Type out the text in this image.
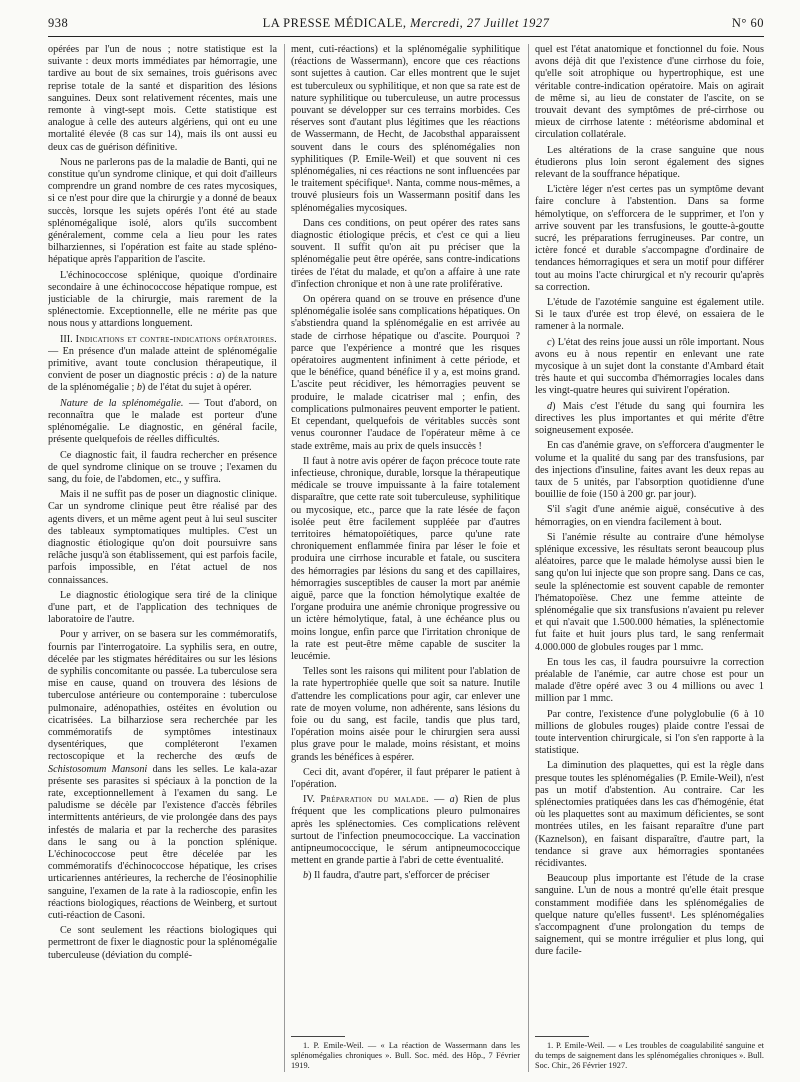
938	LA PRESSE MÉDICALE, Mercredi, 27 Juillet 1927	N° 60

opérées par l'un de nous ; notre statistique est la suivante : deux morts immédiates par hémorragie, une tardive au bout de six semaines, trois guérisons avec reprise totale de la santé et disparition des lésions sanguines. Deux sont relativement récentes, mais une remonte à vingt-sept mois. Cette statistique est analogue à celle des auteurs algériens, qui ont eu une mortalité élevée (8 cas sur 14), mais ils ont aussi eu deux cas de guérison définitive.

Nous ne parlerons pas de la maladie de Banti, qui ne constitue qu'un syndrome clinique, et qui doit d'ailleurs comprendre un grand nombre de ces rates mycosiques, si ce n'est pour dire que la chirurgie y a donné de beaux succès, lorsque les sujets opérés l'ont été au stade splénomégalique isolé, alors qu'ils succombent généralement, comme cela a lieu pour les rates bilharziennes, si l'opération est faite au stade spléno-hépatique après l'apparition de l'ascite.

L'échinococcose splénique, quoique d'ordinaire secondaire à une échinococcose hépatique rompue, est justiciable de la chirurgie, mais rarement de la splénectomie. Exceptionnelle, elle ne mérite pas que nous nous y attardions longuement.

III. Indications et contre-indications opératoires. — En présence d'un malade atteint de splénomégalie primitive, avant toute conclusion thérapeutique, il convient de poser un diagnostic précis : a) de la nature de la splénomégalie ; b) de l'état du sujet à opérer.

Nature de la splénomégalie. — Tout d'abord, on reconnaîtra que le malade est porteur d'une splénomégalie. Le diagnostic, en général facile, présente quelquefois de réelles difficultés.

Ce diagnostic fait, il faudra rechercher en présence de quel syndrome clinique on se trouve ; l'examen du sang, du foie, de l'abdomen, etc., y suffira.

Mais il ne suffit pas de poser un diagnostic clinique. Car un syndrome clinique peut être réalisé par des agents divers, et un même agent peut à lui seul susciter des tableaux symptomatiques multiples. C'est un diagnostic étiologique qu'on doit poursuivre sans relâche jusqu'à son établissement, qui est parfois facile, parfois impossible, en l'état actuel de nos connaissances.

Le diagnostic étiologique sera tiré de la clinique d'une part, et de l'application des techniques de laboratoire de l'autre.

Pour y arriver, on se basera sur les commémoratifs, fournis par l'interrogatoire. La syphilis sera, en outre, décelée par les stigmates héréditaires ou sur les lésions de syphilis concomitante ou passée. La tuberculose sera mise en cause, quand on trouvera des lésions de tuberculose antérieure ou contemporaine : tuberculose pulmonaire, adénopathies, ostéites en évolution ou cicatrisées. La bilharziose sera recherchée par les commémoratifs de symptômes intestinaux dysentériques, que compléteront l'examen rectoscopique et la recherche des œufs de Schistosomum Mansoni dans les selles. Le kala-azar présente ses parasites si spéciaux à la ponction de la rate, exceptionnellement à l'examen du sang. Le paludisme se décèle par l'existence d'accès fébriles intermittents antérieurs, de vie prolongée dans des pays infestés de malaria et par la recherche des parasites dans le sang ou à la ponction splénique. L'échinococcose peut être décelée par les commémoratifs d'échinococcose hépatique, les crises urticariennes antérieures, la recherche de l'éosinophilie sanguine, l'examen de la rate à la radioscopie, enfin les réactions biologiques, réactions de Weinberg, et surtout cuti-réaction de Casoni.

Ce sont seulement les réactions biologiques qui permettront de fixer le diagnostic pour la splénomégalie tuberculeuse (déviation du complé-

ment, cuti-réactions) et la splénomégalie syphilitique (réactions de Wassermann), encore que ces réactions sont sujettes à caution. Car elles montrent que le sujet est tuberculeux ou syphilitique, et non que sa rate est de nature syphilitique ou tuberculeuse, un autre processus pouvant se développer sur ces terrains morbides. Ces réserves sont d'autant plus légitimes que les réactions de Wassermann, de Hecht, de Jacobsthal apparaissent souvent dans le cours des splénomégalies non syphilitiques (P. Emile-Weil) et que souvent ni ces splénomégalies, ni ces réactions ne sont influencées par le traitement spécifique¹. Nanta, comme nous-mêmes, a trouvé plusieurs fois un Wassermann positif dans les splénomégalies mycosiques.

Dans ces conditions, on peut opérer des rates sans diagnostic étiologique précis, et c'est ce qui a lieu souvent. Il suffit qu'on ait pu préciser que la splénomégalie peut être opérée, sans contre-indications tirées de l'état du malade, et qu'on a affaire à une rate d'infection chronique et non à une rate proliférative.

On opérera quand on se trouve en présence d'une splénomégalie isolée sans complications hépatiques. On s'abstiendra quand la splénomégalie en est arrivée au stade de cirrhose hépatique ou d'ascite. Pourquoi ? parce que l'expérience a montré que les risques opératoires augmentent infiniment à cette période, et que le bénéfice, quand bénéfice il y a, est moins grand. L'ascite peut récidiver, les hémorragies peuvent se produire, le malade cicatriser mal ; enfin, des complications pulmonaires peuvent emporter le patient. Et cependant, quelquefois de véritables succès sont venus couronner l'audace de l'opérateur même à ce stade extrême, mais au prix de quels insuccès !

Il faut à notre avis opérer de façon précoce toute rate infectieuse, chronique, durable, lorsque la thérapeutique médicale se trouve impuissante à la faire totalement disparaître, que cette rate soit tuberculeuse, syphilitique ou mycosique, etc., parce que la rate lésée de façon isolée peut être facilement suppléée par d'autres territoires hématopoïétiques, parce qu'une rate chroniquement enflammée finira par léser le foie et produira une cirrhose incurable et fatale, ou suscitera des hémorragies par lésions du sang et des capillaires, hémorragies susceptibles de causer la mort par anémie aiguë, parce que la fonction hémolytique exaltée de l'organe produira une anémie chronique progressive ou un ictère hémolytique, fatal, à une échéance plus ou moins longue, enfin parce que l'irritation chronique de la rate est peut-être même capable de susciter la leucémie.

Telles sont les raisons qui militent pour l'ablation de la rate hypertrophiée quelle que soit sa nature. Inutile d'attendre les complications pour agir, car enlever une rate de moyen volume, non adhérente, sans lésions du foie ou du sang, est facile, tandis que plus tard, l'opération moins aisée pour le chirurgien sera aussi plus grave pour le malade, moins résistant, et moins grands les bénéfices à espérer.

Ceci dit, avant d'opérer, il faut préparer le patient à l'opération.

IV. Préparation du malade. — a) Rien de plus fréquent que les complications pleuro pulmonaires après les splénectomies. Ces complications relèvent surtout de l'infection pneumococcique. La vaccination antipneumococcique, le sérum antipneumococcique mettent en grande partie à l'abri de cette éventualité.

b) Il faudra, d'autre part, s'efforcer de préciser

1. P. Emile-Weil. — « La réaction de Wassermann dans les splénomégalies chroniques ». Bull. Soc. méd. des Hôp., 7 Février 1919.

quel est l'état anatomique et fonctionnel du foie. Nous avons déjà dit que l'existence d'une cirrhose du foie, qu'elle soit atrophique ou hypertrophique, est une véritable contre-indication opératoire. Mais on agirait de même si, au lieu de constater de l'ascite, on se trouvait devant des symptômes de pré-cirrhose ou mieux de cirrhose latente : météorisme abdominal et circulation collatérale.

Les altérations de la crase sanguine que nous étudierons plus loin seront également des signes relevant de la souffrance hépatique.

L'ictère léger n'est certes pas un symptôme devant faire conclure à l'abstention. Dans sa forme hémolytique, on s'efforcera de le supprimer, et l'on y arrive souvent par les transfusions, le goutte-à-goutte sucré, les préparations ferrugineuses. Par contre, un ictère foncé et durable s'accompagne d'ordinaire de tendances hémorragiques et sera un motif pour différer tout au moins l'acte chirurgical et n'y recourir qu'après sa correction.

L'étude de l'azotémie sanguine est également utile. Si le taux d'urée est trop élevé, on essaiera de le ramener à la normale.

c) L'état des reins joue aussi un rôle important. Nous avons eu à nous repentir en enlevant une rate mycosique à un sujet dont la constante d'Ambard était très haute et qui succomba d'hémorragies locales dans les vingt-quatre heures qui suivirent l'opération.

d) Mais c'est l'étude du sang qui fournira les directives les plus importantes et qui mérite d'être soigneusement exposée.

En cas d'anémie grave, on s'efforcera d'augmenter le volume et la qualité du sang par des transfusions, par des injections d'insuline, faites avant les deux repas au taux de 5 unités, par l'absorption quotidienne d'une bouillie de foie (150 à 200 gr. par jour).

S'il s'agit d'une anémie aiguë, consécutive à des hémorragies, on en viendra facilement à bout.

Si l'anémie résulte au contraire d'une hémolyse splénique excessive, les résultats seront beaucoup plus aléatoires, parce que le malade hémolyse aussi bien le sang qu'on lui injecte que son propre sang. Dans ce cas, seule la splénectomie est souvent capable de remonter l'hématopoïèse. Chez une femme atteinte de splénomégalie que six transfusions n'avaient pu relever et qui n'avait que 1.500.000 hématies, la splénectomie fut faite et huit jours plus tard, le sang renfermait 4.000.000 de globules rouges par 1 mmc.

En tous les cas, il faudra poursuivre la correction préalable de l'anémie, car autre chose est pour un malade d'être opéré avec 3 ou 4 millions ou avec 1 million par 1 mmc.

Par contre, l'existence d'une polyglobulie (6 à 10 millions de globules rouges) plaide contre l'essai de toute intervention chirurgicale, si l'on s'en rapporte à la statistique.

La diminution des plaquettes, qui est la règle dans presque toutes les splénomégalies (P. Emile-Weil), n'est pas un motif d'abstention. Au contraire. Car les splénectomies pratiquées dans les cas d'hémogénie, état où les plaquettes sont au maximum déficientes, se sont montrées utiles, en les faisant reparaître d'une part (Kaznelson), en faisant disparaître, d'autre part, la tendance si grave aux hémorragies spontanées récidivantes.

Beaucoup plus importante est l'étude de la crase sanguine. L'un de nous a montré qu'elle était presque constamment modifiée dans les splénomégalies de quelque nature qu'elles fussent¹. Les splénomégalies s'accompagnent d'une prolongation du temps de saignement, qui se montre irrégulier et plus long, qui dure facile-

1. P. Emile-Weil. — « Les troubles de coagulabilité sanguine et du temps de saignement dans les splénomégalies chroniques ». Bull. Soc. Chir., 26 Février 1927.
